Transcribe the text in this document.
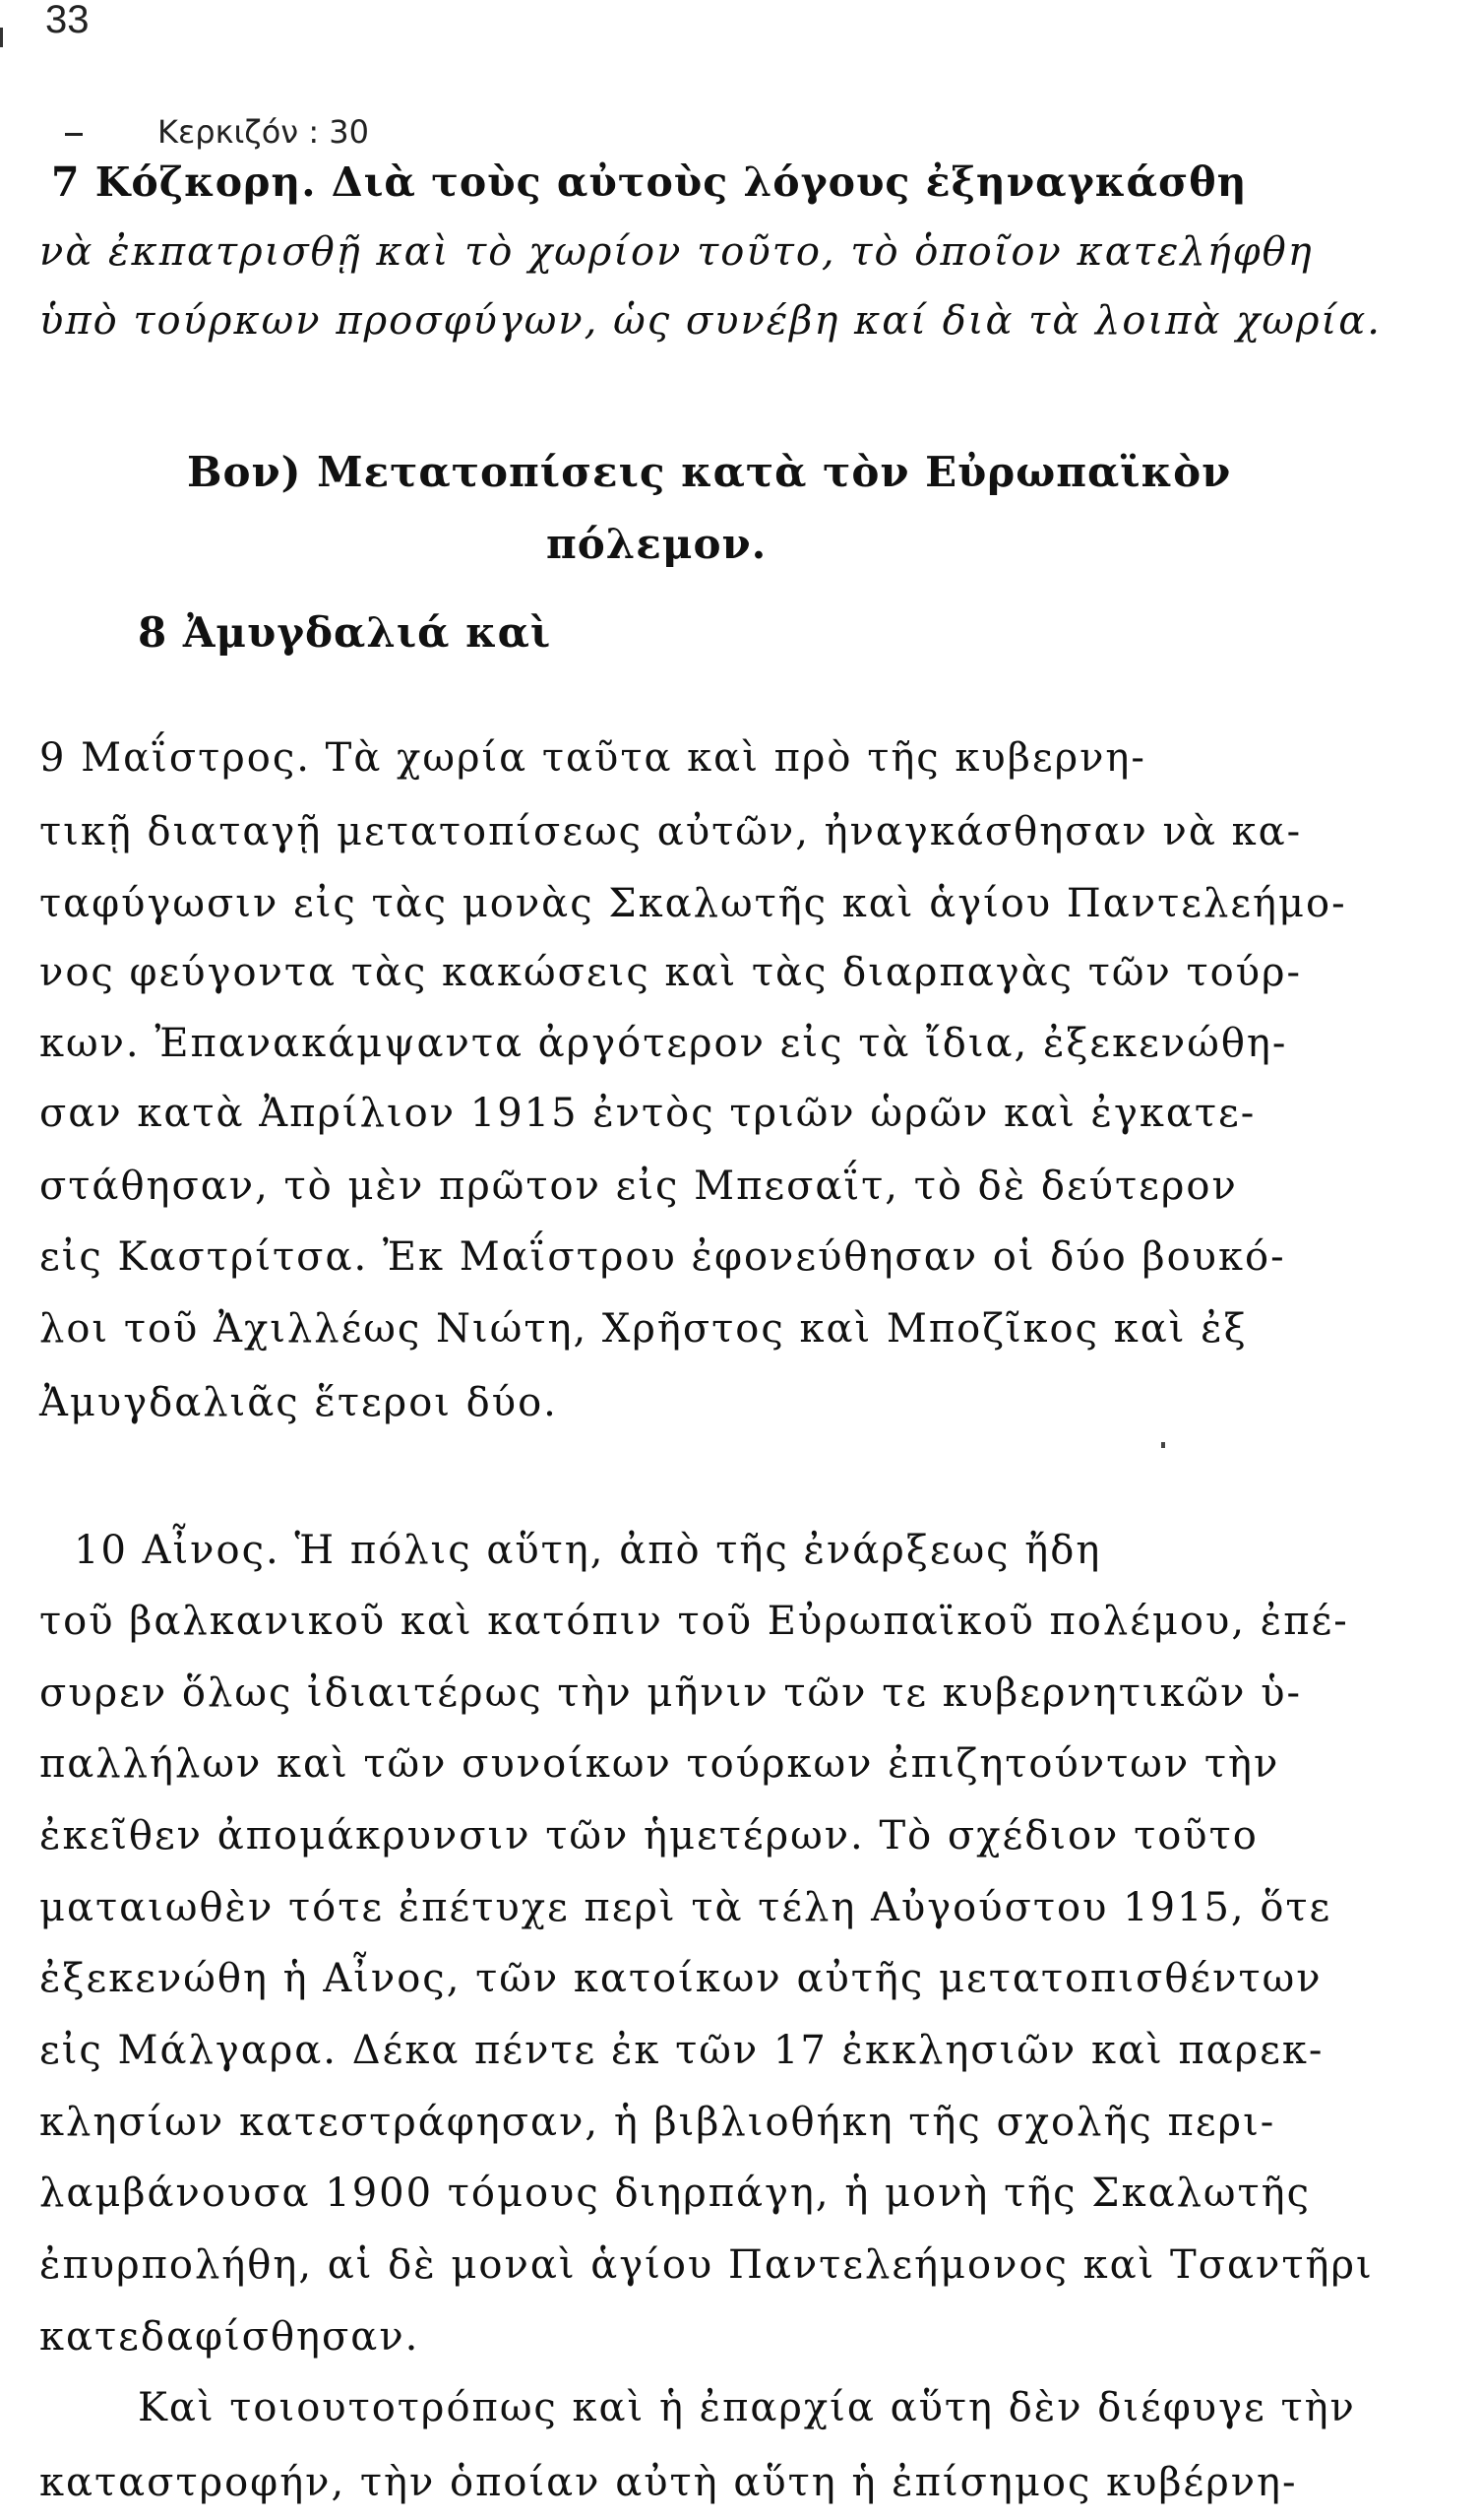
33
Κερκιζόν : 30
7 Κόζκορη. Διὰ τοὺς αὐτοὺς λόγους ἐξηναγκάσθη
νὰ ἐκπατρισθῇ καὶ τὸ χωρίον τοῦτο, τὸ ὁποῖον κατελήφθη
ὑπὸ τούρκων προσφύγων, ὡς συνέβη καί διὰ τὰ λοιπὰ χωρία.
Βον) Μετατοπίσεις κατὰ τὸν Εὐρωπαϊκὸν
πόλεμον.
8 Ἀμυγδαλιά καὶ
9 Μαΐστρος. Τὰ χωρία ταῦτα καὶ πρὸ τῆς κυβερνη-
τικῇ διαταγῇ μετατοπίσεως αὐτῶν, ἠναγκάσθησαν νὰ κα-
ταφύγωσιν εἰς τὰς μονὰς Σκαλωτῆς καὶ ἁγίου Παντελεήμο-
νος φεύγοντα τὰς κακώσεις καὶ τὰς διαρπαγὰς τῶν τούρ-
κων. Ἐπανακάμψαντα ἀργότερον εἰς τὰ ἴδια, ἐξεκενώθη-
σαν κατὰ Ἀπρίλιον 1915 ἐντὸς τριῶν ὡρῶν καὶ ἐγκατε-
στάθησαν, τὸ μὲν πρῶτον εἰς Μπεσαΐτ, τὸ δὲ δεύτερον
εἰς Καστρίτσα. Ἐκ Μαΐστρου ἐφονεύθησαν οἱ δύο βουκό-
λοι τοῦ Ἀχιλλέως Νιώτη, Χρῆστος καὶ Μποζῖκος καὶ ἐξ
Ἀμυγδαλιᾶς ἕτεροι δύο.
10 Αἶνος. Ἡ πόλις αὕτη, ἀπὸ τῆς ἐνάρξεως ἤδη
τοῦ βαλκανικοῦ καὶ κατόπιν τοῦ Εὐρωπαϊκοῦ πολέμου, ἐπέ-
συρεν ὅλως ἰδιαιτέρως τὴν μῆνιν τῶν τε κυβερνητικῶν ὑ-
παλλήλων καὶ τῶν συνοίκων τούρκων ἐπιζητούντων τὴν
ἐκεῖθεν ἀπομάκρυνσιν τῶν ἡμετέρων. Τὸ σχέδιον τοῦτο
ματαιωθὲν τότε ἐπέτυχε περὶ τὰ τέλη Αὐγούστου 1915, ὅτε
ἐξεκενώθη ἡ Αἶνος, τῶν κατοίκων αὐτῆς μετατοπισθέντων
εἰς Μάλγαρα. Δέκα πέντε ἐκ τῶν 17 ἐκκλησιῶν καὶ παρεκ-
κλησίων κατεστράφησαν, ἡ βιβλιοθήκη τῆς σχολῆς περι-
λαμβάνουσα 1900 τόμους διηρπάγη, ἡ μονὴ τῆς Σκαλωτῆς
ἐπυρπολήθη, αἱ δὲ μοναὶ ἁγίου Παντελεήμονος καὶ Τσαντῆρι
κατεδαφίσθησαν.
Καὶ τοιουτοτρόπως καὶ ἡ ἐπαρχία αὕτη δὲν διέφυγε τὴν
καταστροφήν, τὴν ὁποίαν αὐτὴ αὕτη ἡ ἐπίσημος κυβέρνη-
